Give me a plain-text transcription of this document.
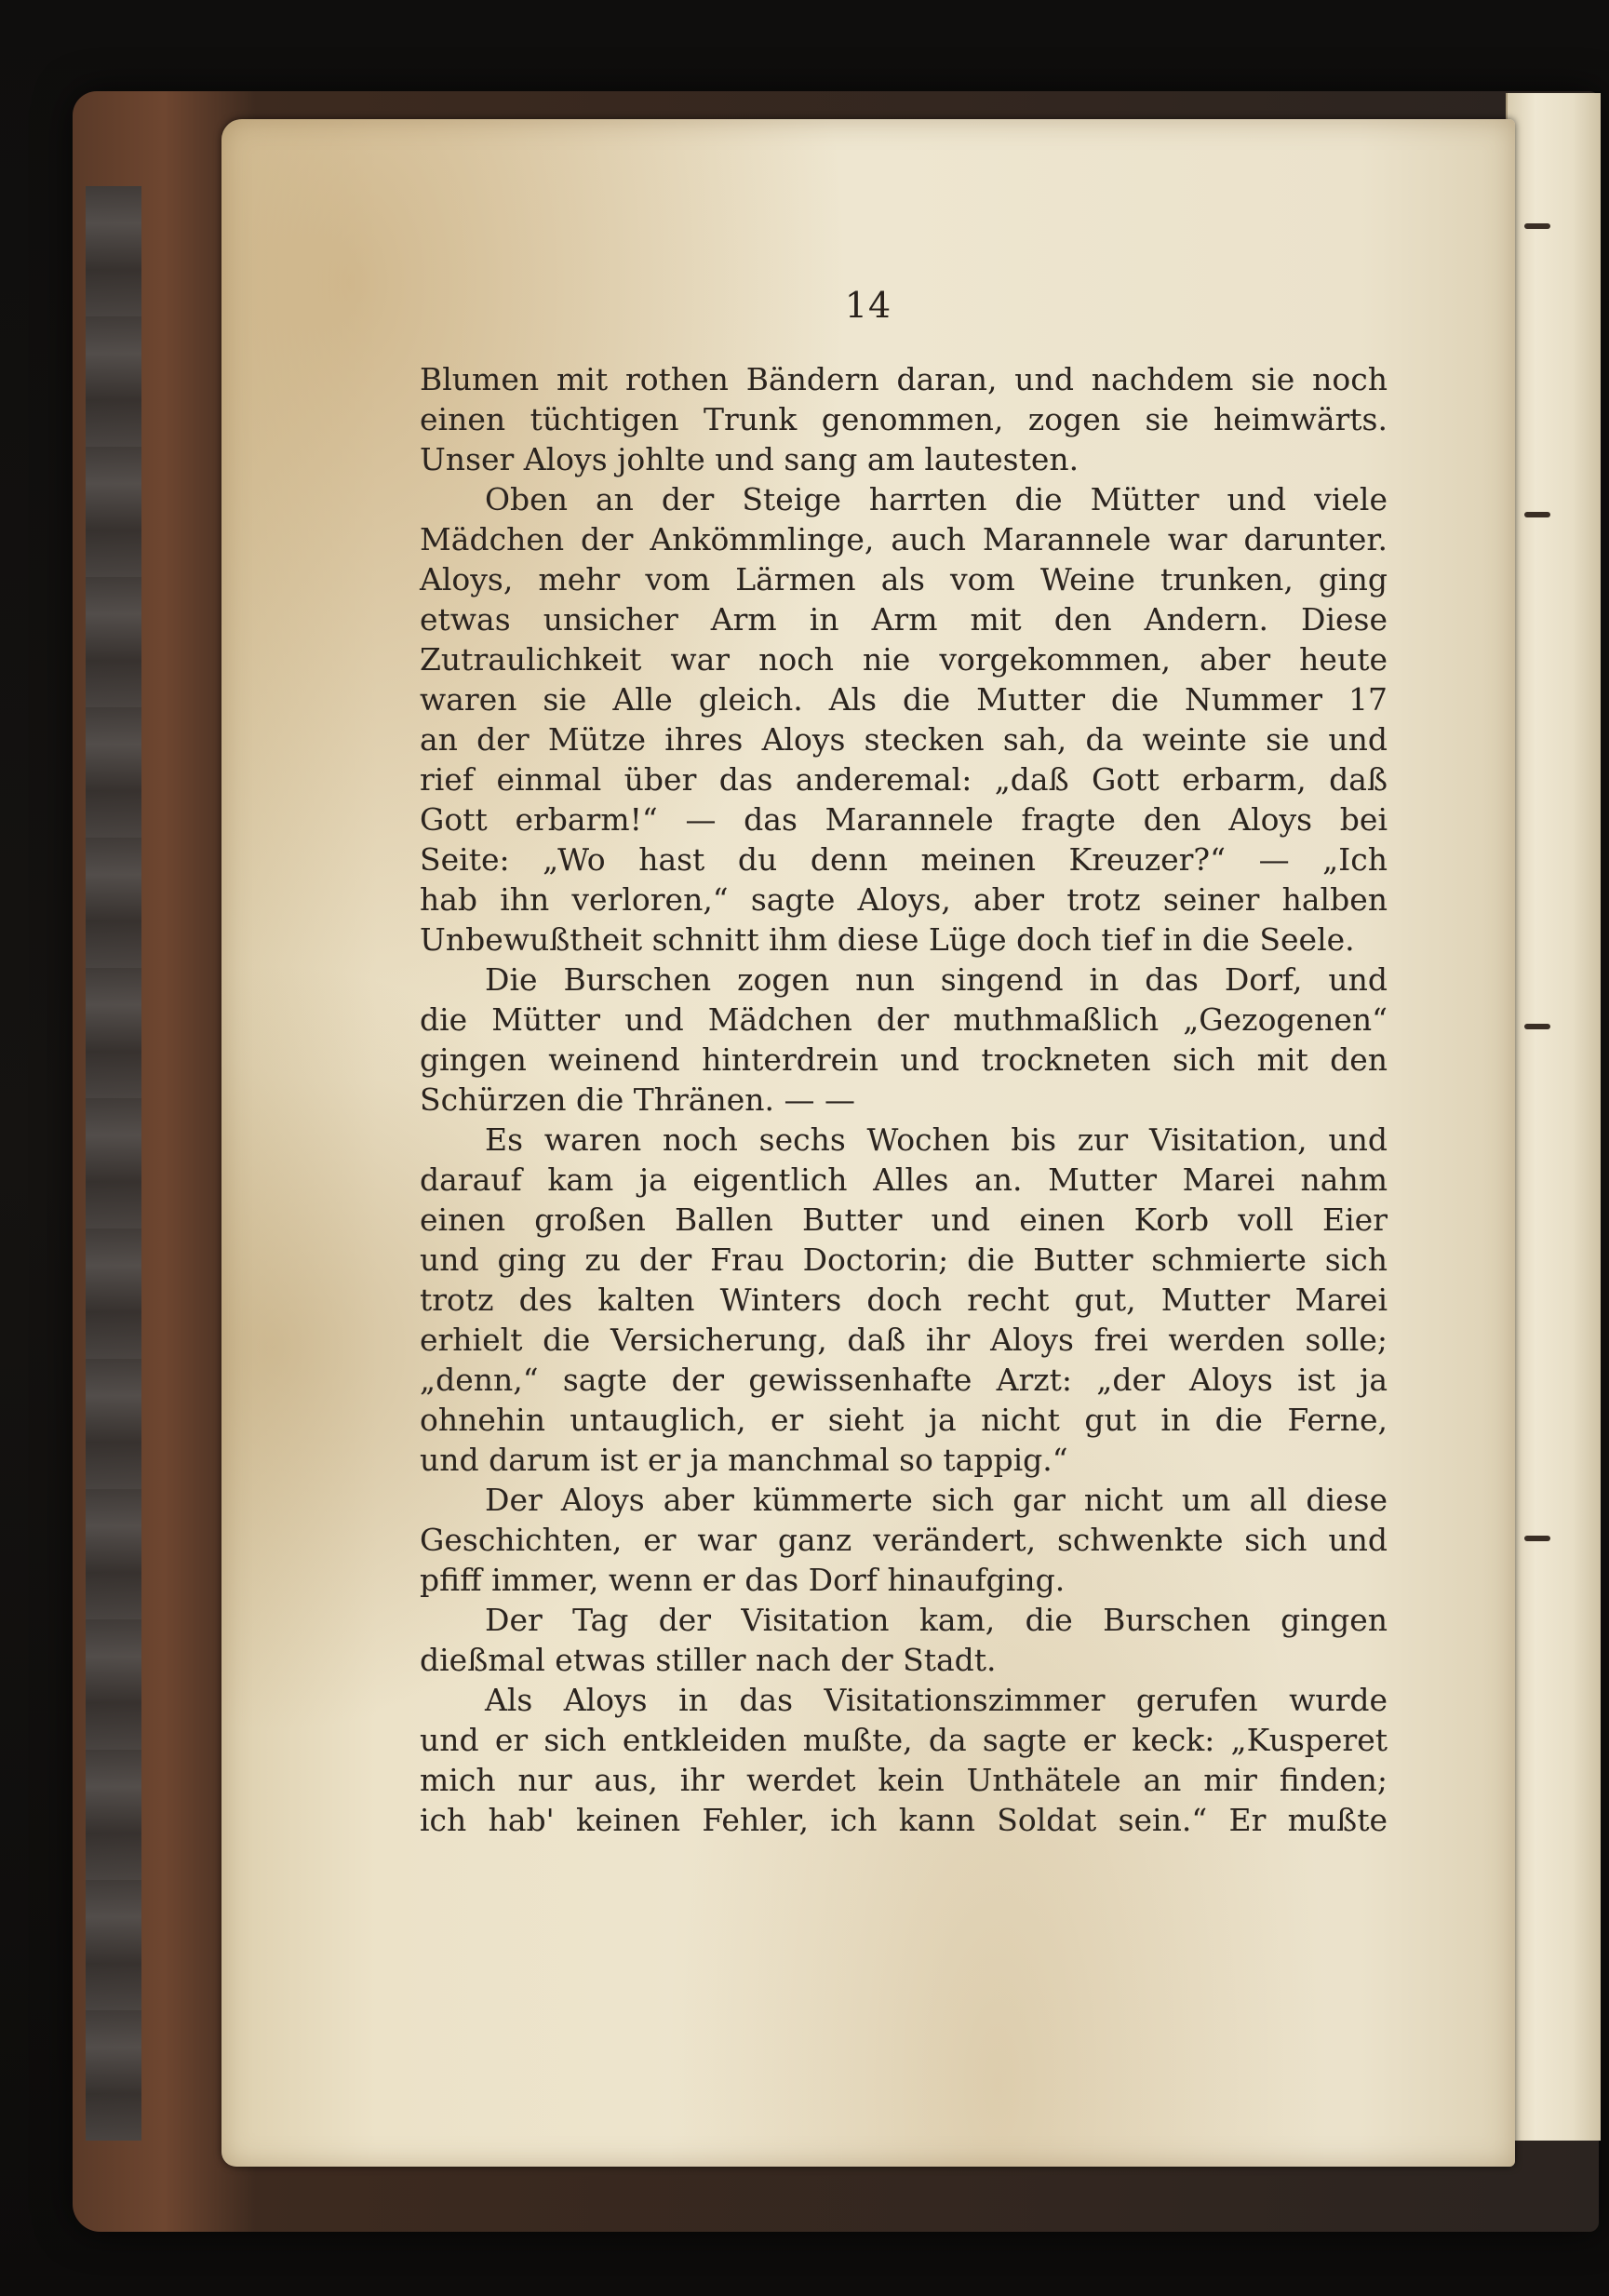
14
Blumen mit rothen Bändern daran, und nachdem sie noch
einen tüchtigen Trunk genommen, zogen sie heimwärts.
Unser Aloys johlte und sang am lautesten.
Oben an der Steige harrten die Mütter und viele
Mädchen der Ankömmlinge, auch Marannele war darunter.
Aloys, mehr vom Lärmen als vom Weine trunken, ging
etwas unsicher Arm in Arm mit den Andern. Diese
Zutraulichkeit war noch nie vorgekommen, aber heute
waren sie Alle gleich. Als die Mutter die Nummer 17
an der Mütze ihres Aloys stecken sah, da weinte sie und
rief einmal über das anderemal: „daß Gott erbarm, daß
Gott erbarm!“ — das Marannele fragte den Aloys bei
Seite: „Wo hast du denn meinen Kreuzer?“ — „Ich
hab ihn verloren,“ sagte Aloys, aber trotz seiner halben
Unbewußtheit schnitt ihm diese Lüge doch tief in die Seele.
Die Burschen zogen nun singend in das Dorf, und
die Mütter und Mädchen der muthmaßlich „Gezogenen“
gingen weinend hinterdrein und trockneten sich mit den
Schürzen die Thränen. — —
Es waren noch sechs Wochen bis zur Visitation, und
darauf kam ja eigentlich Alles an. Mutter Marei nahm
einen großen Ballen Butter und einen Korb voll Eier
und ging zu der Frau Doctorin; die Butter schmierte sich
trotz des kalten Winters doch recht gut, Mutter Marei
erhielt die Versicherung, daß ihr Aloys frei werden solle;
„denn,“ sagte der gewissenhafte Arzt: „der Aloys ist ja
ohnehin untauglich, er sieht ja nicht gut in die Ferne,
und darum ist er ja manchmal so tappig.“
Der Aloys aber kümmerte sich gar nicht um all diese
Geschichten, er war ganz verändert, schwenkte sich und
pfiff immer, wenn er das Dorf hinaufging.
Der Tag der Visitation kam, die Burschen gingen
dießmal etwas stiller nach der Stadt.
Als Aloys in das Visitationszimmer gerufen wurde
und er sich entkleiden mußte, da sagte er keck: „Kusperet
mich nur aus, ihr werdet kein Unthätele an mir finden;
ich hab' keinen Fehler, ich kann Soldat sein.“ Er mußte
